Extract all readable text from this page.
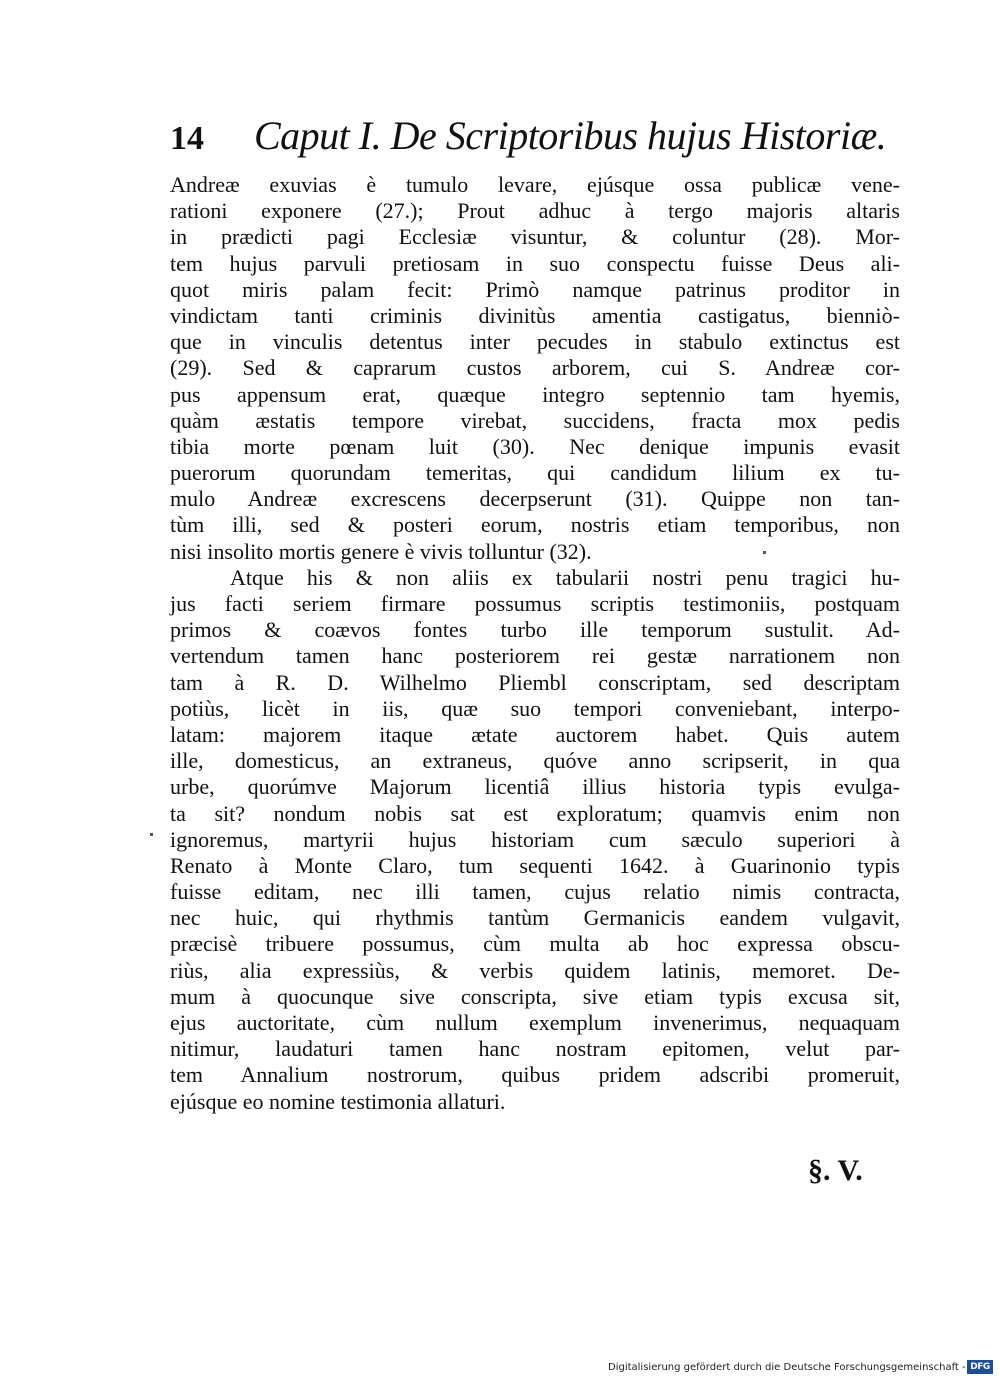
14 Caput I. De Scriptoribus hujus Historiæ.
Andreæ exuvias è tumulo levare, ejúsque ossa publicæ vene-
rationi exponere (27.); Prout adhuc à tergo majoris altaris
in prædicti pagi Ecclesiæ visuntur, & coluntur (28). Mor-
tem hujus parvuli pretiosam in suo conspectu fuisse Deus ali-
quot miris palam fecit: Primò namque patrinus proditor in
vindictam tanti criminis divinitùs amentia castigatus, bienniò-
que in vinculis detentus inter pecudes in stabulo extinctus est
(29). Sed & caprarum custos arborem, cui S. Andreæ cor-
pus appensum erat, quæque integro septennio tam hyemis,
quàm æstatis tempore virebat, succidens, fracta mox pedis
tibia morte pœnam luit (30). Nec denique impunis evasit
puerorum quorundam temeritas, qui candidum lilium ex tu-
mulo Andreæ excrescens decerpserunt (31). Quippe non tan-
tùm illi, sed & posteri eorum, nostris etiam temporibus, non
nisi insolito mortis genere è vivis tolluntur (32).
Atque his & non aliis ex tabularii nostri penu tragici hu-
jus facti seriem firmare possumus scriptis testimoniis, postquam
primos & coævos fontes turbo ille temporum sustulit. Ad-
vertendum tamen hanc posteriorem rei gestæ narrationem non
tam à R. D. Wilhelmo Pliembl conscriptam, sed descriptam
potiùs, licèt in iis, quæ suo tempori conveniebant, interpo-
latam: majorem itaque ætate auctorem habet. Quis autem
ille, domesticus, an extraneus, quóve anno scripserit, in qua
urbe, quorúmve Majorum licentiâ illius historia typis evulga-
ta sit? nondum nobis sat est exploratum; quamvis enim non
ignoremus, martyrii hujus historiam cum sæculo superiori à
Renato à Monte Claro, tum sequenti 1642. à Guarinonio typis
fuisse editam, nec illi tamen, cujus relatio nimis contracta,
nec huic, qui rhythmis tantùm Germanicis eandem vulgavit,
præcisè tribuere possumus, cùm multa ab hoc expressa obscu-
riùs, alia expressiùs, & verbis quidem latinis, memoret. De-
mum à quocunque sive conscripta, sive etiam typis excusa sit,
ejus auctoritate, cùm nullum exemplum invenerimus, nequaquam
nitimur, laudaturi tamen hanc nostram epitomen, velut par-
tem Annalium nostrorum, quibus pridem adscribi promeruit,
ejúsque eo nomine testimonia allaturi.
§. V.
Digitalisierung gefördert durch die Deutsche Forschungsgemeinschaft - DFG
